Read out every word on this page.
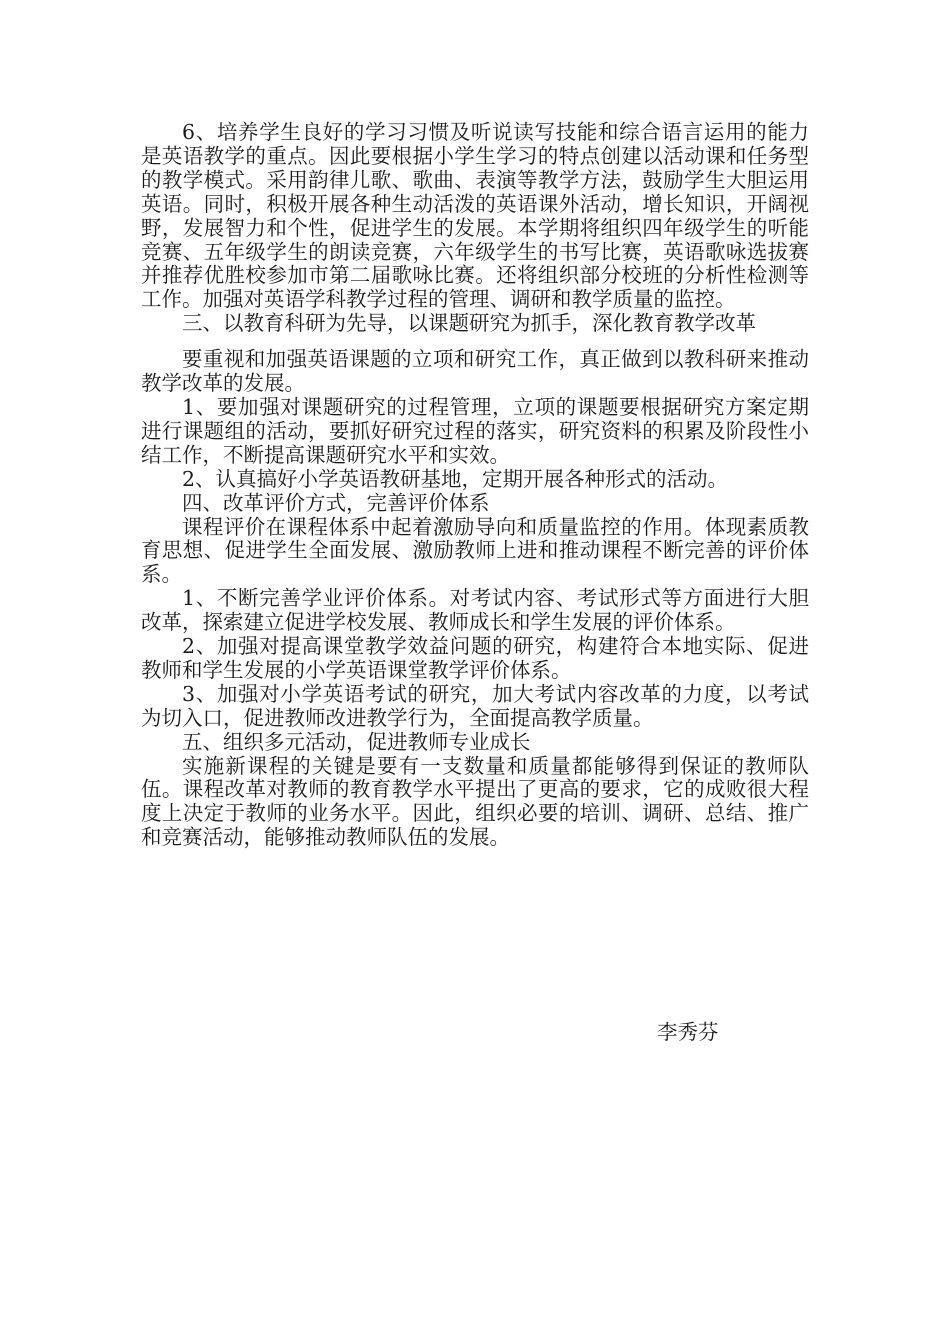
6、培养学生良好的学习习惯及听说读写技能和综合语言运用的能力是英语教学的重点。因此要根据小学生学习的特点创建以活动课和任务型的教学模式。采用韵律儿歌、歌曲、表演等教学方法，鼓励学生大胆运用英语。同时，积极开展各种生动活泼的英语课外活动，增长知识，开阔视野，发展智力和个性，促进学生的发展。本学期将组织四年级学生的听能竞赛、五年级学生的朗读竞赛，六年级学生的书写比赛，英语歌咏选拔赛并推荐优胜校参加市第二届歌咏比赛。还将组织部分校班的分析性检测等工作。加强对英语学科教学过程的管理、调研和教学质量的监控。

三、以教育科研为先导，以课题研究为抓手，深化教育教学改革

要重视和加强英语课题的立项和研究工作，真正做到以教科研来推动教学改革的发展。

1、要加强对课题研究的过程管理，立项的课题要根据研究方案定期进行课题组的活动，要抓好研究过程的落实，研究资料的积累及阶段性小结工作，不断提高课题研究水平和实效。

2、认真搞好小学英语教研基地，定期开展各种形式的活动。

四、改革评价方式，完善评价体系

课程评价在课程体系中起着激励导向和质量监控的作用。体现素质教育思想、促进学生全面发展、激励教师上进和推动课程不断完善的评价体系。

1、不断完善学业评价体系。对考试内容、考试形式等方面进行大胆改革，探索建立促进学校发展、教师成长和学生发展的评价体系。

2、加强对提高课堂教学效益问题的研究，构建符合本地实际、促进教师和学生发展的小学英语课堂教学评价体系。

3、加强对小学英语考试的研究，加大考试内容改革的力度，以考试为切入口，促进教师改进教学行为，全面提高教学质量。

五、组织多元活动，促进教师专业成长

实施新课程的关键是要有一支数量和质量都能够得到保证的教师队伍。课程改革对教师的教育教学水平提出了更高的要求，它的成败很大程度上决定于教师的业务水平。因此，组织必要的培训、调研、总结、推广和竞赛活动，能够推动教师队伍的发展。

李秀芬
